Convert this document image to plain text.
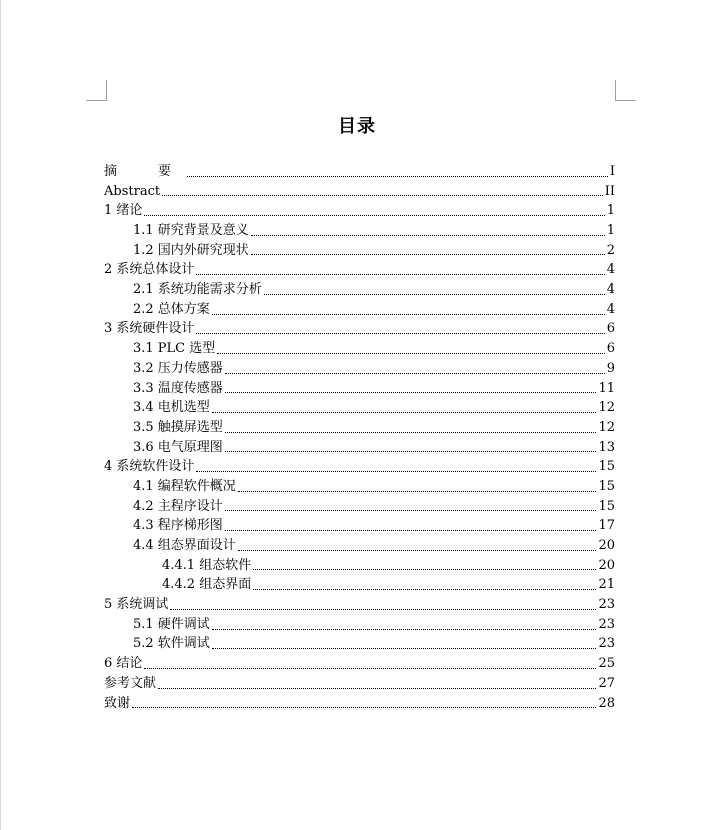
目录
摘　要	I
Abstract	II
1 绪论	1
1.1 研究背景及意义	1
1.2 国内外研究现状	2
2 系统总体设计	4
2.1 系统功能需求分析	4
2.2 总体方案	4
3 系统硬件设计	6
3.1 PLC 选型	6
3.2 压力传感器	9
3.3 温度传感器	11
3.4 电机选型	12
3.5 触摸屏选型	12
3.6 电气原理图	13
4 系统软件设计	15
4.1 编程软件概况	15
4.2 主程序设计	15
4.3 程序梯形图	17
4.4 组态界面设计	20
4.4.1 组态软件	20
4.4.2 组态界面	21
5 系统调试	23
5.1 硬件调试	23
5.2 软件调试	23
6 结论	25
参考文献	27
致谢	28
